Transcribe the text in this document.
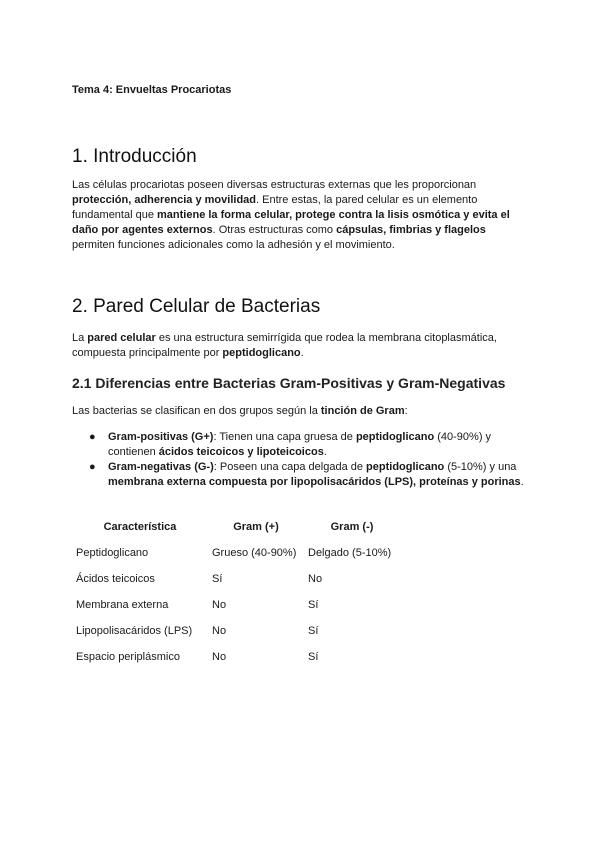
Tema 4: Envueltas Procariotas
1. Introducción

Las células procariotas poseen diversas estructuras externas que les proporcionan protección, adherencia y movilidad. Entre estas, la pared celular es un elemento fundamental que mantiene la forma celular, protege contra la lisis osmótica y evita el daño por agentes externos. Otras estructuras como cápsulas, fimbrias y flagelos permiten funciones adicionales como la adhesión y el movimiento.

2. Pared Celular de Bacterias

La pared celular es una estructura semirrígida que rodea la membrana citoplasmática, compuesta principalmente por peptidoglicano.

2.1 Diferencias entre Bacterias Gram-Positivas y Gram-Negativas

Las bacterias se clasifican en dos grupos según la tinción de Gram:

● Gram-positivas (G+): Tienen una capa gruesa de peptidoglicano (40-90%) y contienen ácidos teicoicos y lipoteicoicos.
● Gram-negativas (G-): Poseen una capa delgada de peptidoglicano (5-10%) y una membrana externa compuesta por lipopolisacáridos (LPS), proteínas y porinas.
Característica	Gram (+)	Gram (-)
Peptidoglicano	Grueso (40-90%)	Delgado (5-10%)
Ácidos teicoicos	Sí	No
Membrana externa	No	Sí
Lipopolisacáridos (LPS)	No	Sí
Espacio periplásmico	No	Sí
